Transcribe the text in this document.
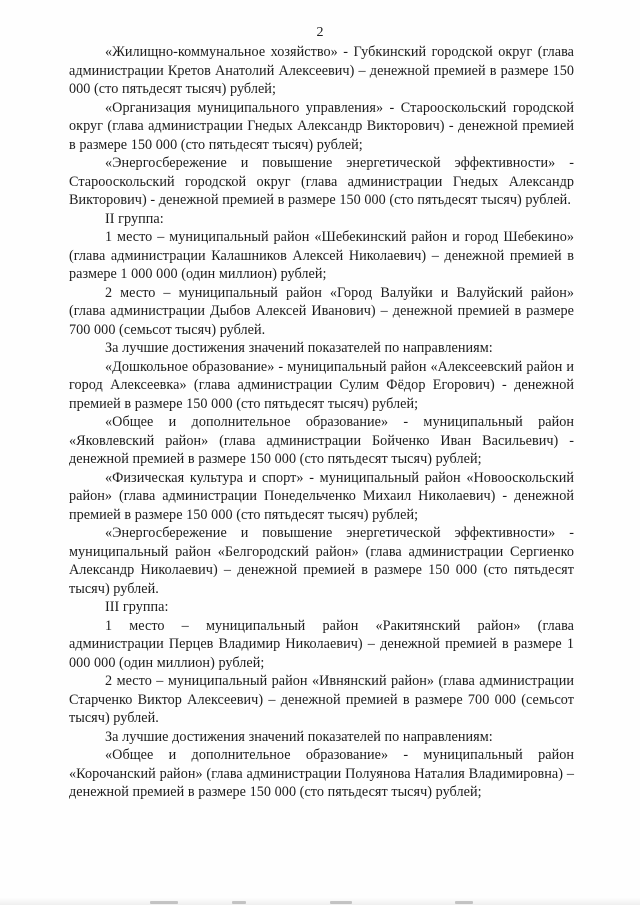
2

«Жилищно-коммунальное хозяйство» - Губкинский городской округ (глава администрации Кретов Анатолий Алексеевич) – денежной премией в размере 150 000 (сто пятьдесят тысяч) рублей;

«Организация муниципального управления» - Старооскольский городской округ (глава администрации Гнедых Александр Викторович) - денежной премией в размере 150 000 (сто пятьдесят тысяч) рублей;

«Энергосбережение и повышение энергетической эффективности» - Старооскольский городской округ (глава администрации Гнедых Александр Викторович) - денежной премией в размере 150 000 (сто пятьдесят тысяч) рублей.

II группа:

1 место – муниципальный район «Шебекинский район и город Шебекино» (глава администрации Калашников Алексей Николаевич) – денежной премией в размере 1 000 000 (один миллион) рублей;

2 место – муниципальный район «Город Валуйки и Валуйский район» (глава администрации Дыбов Алексей Иванович) – денежной премией в размере 700 000 (семьсот тысяч) рублей.

За лучшие достижения значений показателей по направлениям:

«Дошкольное образование» - муниципальный район «Алексеевский район и город Алексеевка» (глава администрации Сулим Фёдор Егорович) - денежной премией в размере 150 000 (сто пятьдесят тысяч) рублей;

«Общее и дополнительное образование» - муниципальный район «Яковлевский район» (глава администрации Бойченко Иван Васильевич) - денежной премией в размере 150 000 (сто пятьдесят тысяч) рублей;

«Физическая культура и спорт» - муниципальный район «Новооскольский район» (глава администрации Понедельченко Михаил Николаевич) - денежной премией в размере 150 000 (сто пятьдесят тысяч) рублей;

«Энергосбережение и повышение энергетической эффективности» - муниципальный район «Белгородский район» (глава администрации Сергиенко Александр Николаевич) – денежной премией в размере 150 000 (сто пятьдесят тысяч) рублей.

III группа:

1 место – муниципальный район «Ракитянский район» (глава администрации Перцев Владимир Николаевич) – денежной премией в размере 1 000 000 (один миллион) рублей;

2 место – муниципальный район «Ивнянский район» (глава администрации Старченко Виктор Алексеевич) – денежной премией в размере 700 000 (семьсот тысяч) рублей.

За лучшие достижения значений показателей по направлениям:

«Общее и дополнительное образование» - муниципальный район «Корочанский район» (глава администрации Полуянова Наталия Владимировна) – денежной премией в размере 150 000 (сто пятьдесят тысяч) рублей;
